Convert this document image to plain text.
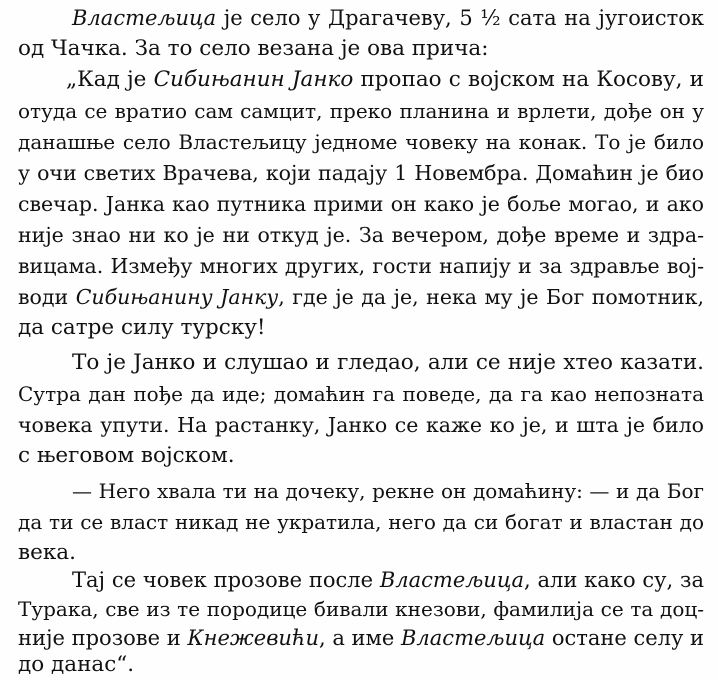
Властељица је село у Драгачеву, 5 ½ сата на југоисток
од Чачка. За то село везана је ова прича:
„Кад је Сибињанин Јанко пропао с војском на Косову, и
отуда се вратио сам самцит, преко планина и врлети, дође он у
данашње село Властељицу једноме човеку на конак. То је било
у очи светих Врачева, који падају 1 Новембра. Домаћин је био
свечар. Јанка као путника прими он како је боље могао, и ако
није знао ни ко је ни откуд је. За вечером, дође време и здра-
вицама. Између многих других, гости напију и за здравље вој-
води Сибињанину Јанку, где је да је, нека му је Бог помотник,
да сатре силу турску!
То је Јанко и слушао и гледао, али се није хтео казати.
Сутра дан пође да иде; домаћин га поведе, да га као непозната
човека упути. На растанку, Јанко се каже ко је, и шта је било
с његовом војском.
— Него хвала ти на дочеку, рекне он домаћину: — и да Бог
да ти се власт никад не укратила, него да си богат и властан до
века.
Тај се човек прозове после Властељица, али како су, за
Турака, све из те породице бивали кнезови, фамилија се та доц-
није прозове и Кнежевићи, а име Властељица остане селу и
до данас“.
